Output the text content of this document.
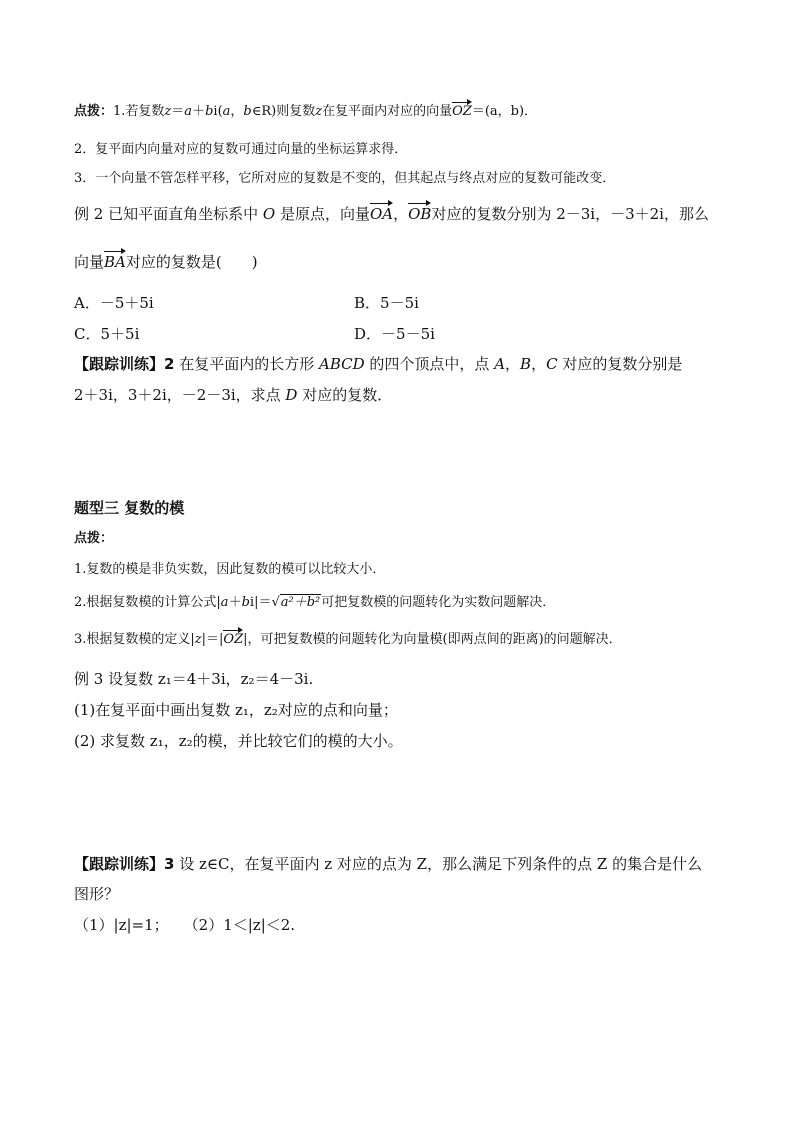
点拨：1.若复数z＝a＋bi(a，b∈R)则复数z在复平面内对应的向量OZ＝(a，b)．
2．复平面内向量对应的复数可通过向量的坐标运算求得．
3．一个向量不管怎样平移，它所对应的复数是不变的，但其起点与终点对应的复数可能改变．
例 2 已知平面直角坐标系中 O 是原点，向量OA，OB对应的复数分别为 2－3i，－3＋2i，那么
向量BA对应的复数是(　　)
A．－5＋5i	B．5－5i
C．5＋5i	D．－5－5i
【跟踪训练】2 在复平面内的长方形 ABCD 的四个顶点中，点 A，B，C 对应的复数分别是
2＋3i，3＋2i，－2－3i，求点 D 对应的复数．
题型三 复数的模
点拨：
1.复数的模是非负实数，因此复数的模可以比较大小．
2.根据复数模的计算公式|a＋bi|＝√a²＋b²可把复数模的问题转化为实数问题解决．
3.根据复数模的定义|z|＝|OZ|，可把复数模的问题转化为向量模(即两点间的距离)的问题解决．
例 3 设复数 z₁＝4＋3i，z₂＝4－3i.
(1)在复平面中画出复数 z₁，z₂对应的点和向量；
(2) 求复数 z₁，z₂的模，并比较它们的模的大小。
【跟踪训练】3 设 z∈C，在复平面内 z 对应的点为 Z，那么满足下列条件的点 Z 的集合是什么
图形？
（1）|z|=1；　　（2）1＜|z|＜2.
